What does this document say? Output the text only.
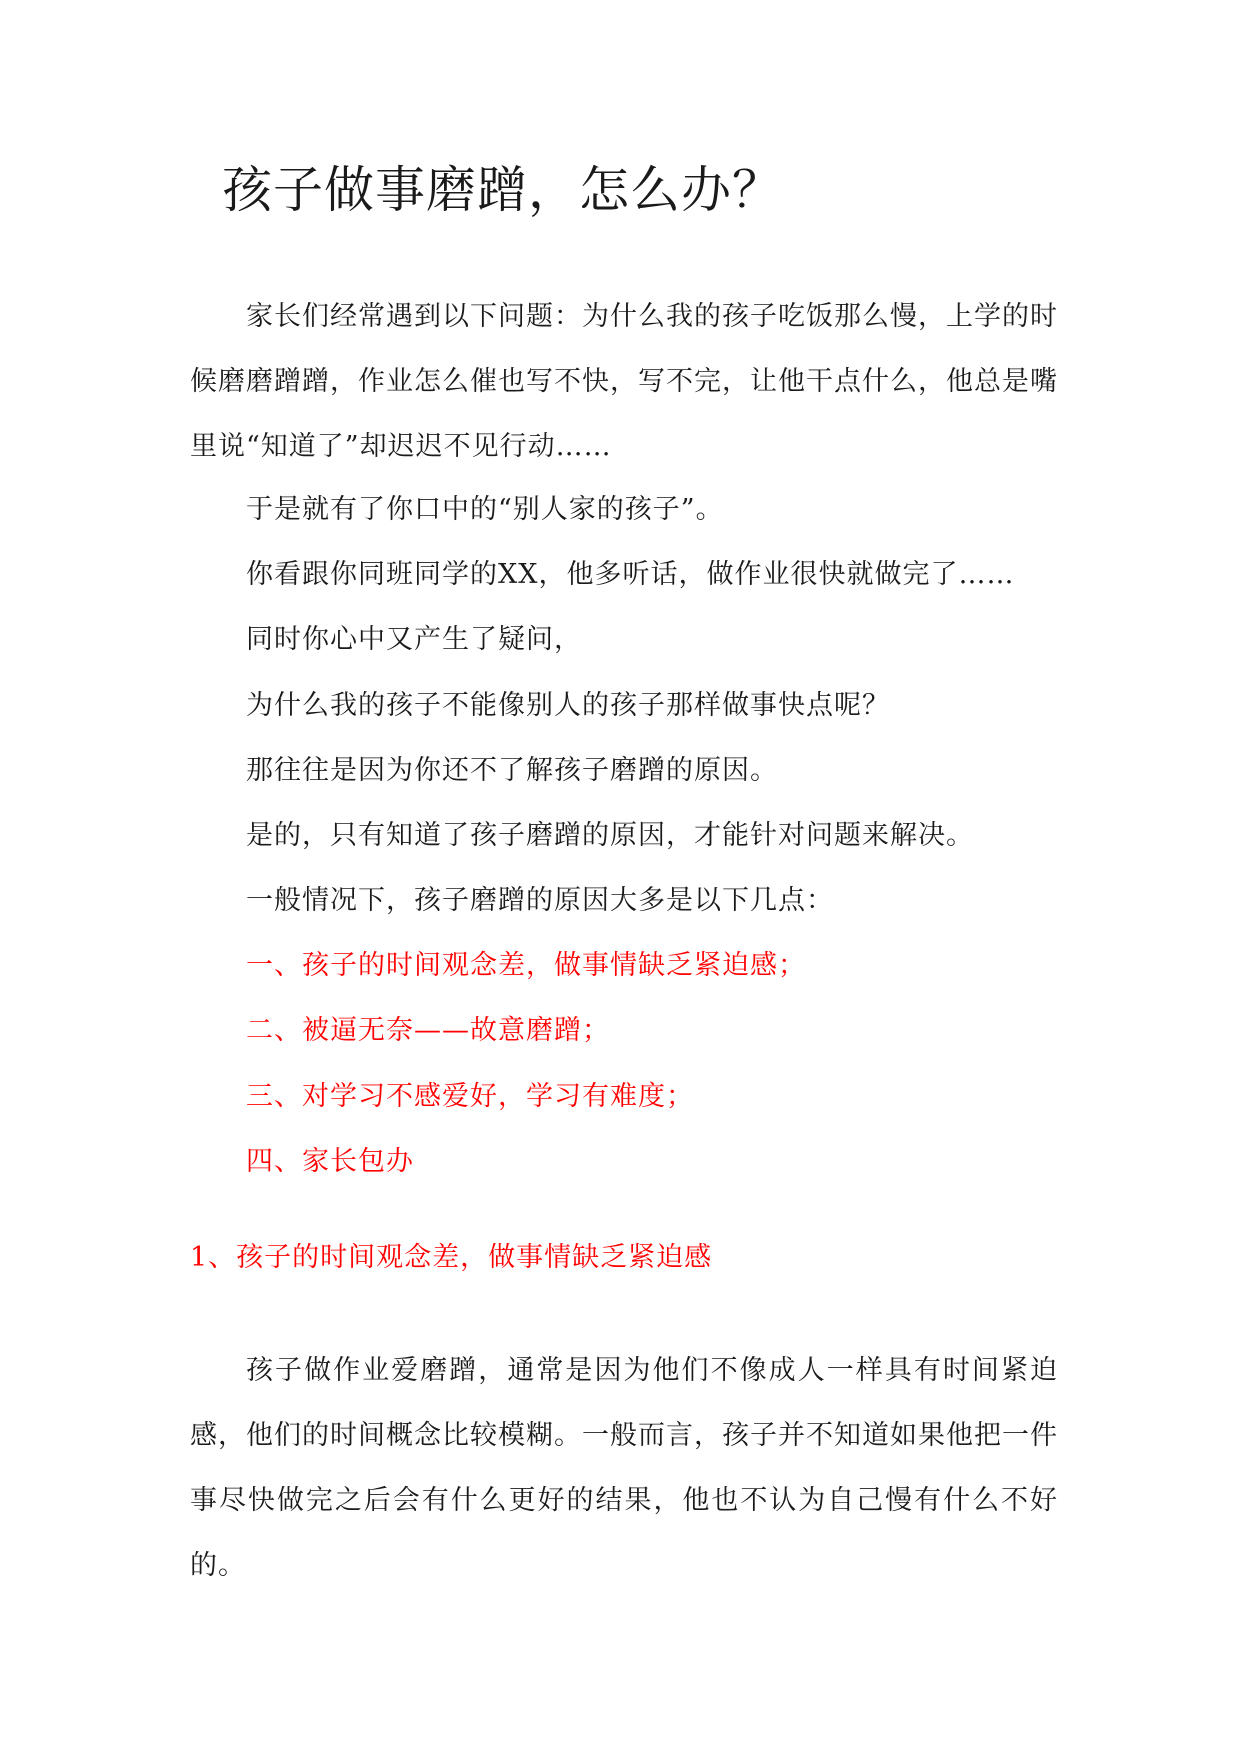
孩子做事磨蹭，怎么办？

家长们经常遇到以下问题：为什么我的孩子吃饭那么慢，上学的时候磨磨蹭蹭，作业怎么催也写不快，写不完，让他干点什么，他总是嘴里说“知道了”却迟迟不见行动……

于是就有了你口中的“别人家的孩子”。

你看跟你同班同学的XX，他多听话，做作业很快就做完了……

同时你心中又产生了疑问，

为什么我的孩子不能像别人的孩子那样做事快点呢？

那往往是因为你还不了解孩子磨蹭的原因。

是的，只有知道了孩子磨蹭的原因，才能针对问题来解决。

一般情况下，孩子磨蹭的原因大多是以下几点：

一、孩子的时间观念差，做事情缺乏紧迫感；

二、被逼无奈——故意磨蹭；

三、对学习不感爱好，学习有难度；

四、家长包办

1、孩子的时间观念差，做事情缺乏紧迫感

孩子做作业爱磨蹭，通常是因为他们不像成人一样具有时间紧迫感，他们的时间概念比较模糊。一般而言，孩子并不知道如果他把一件事尽快做完之后会有什么更好的结果，他也不认为自己慢有什么不好的。
